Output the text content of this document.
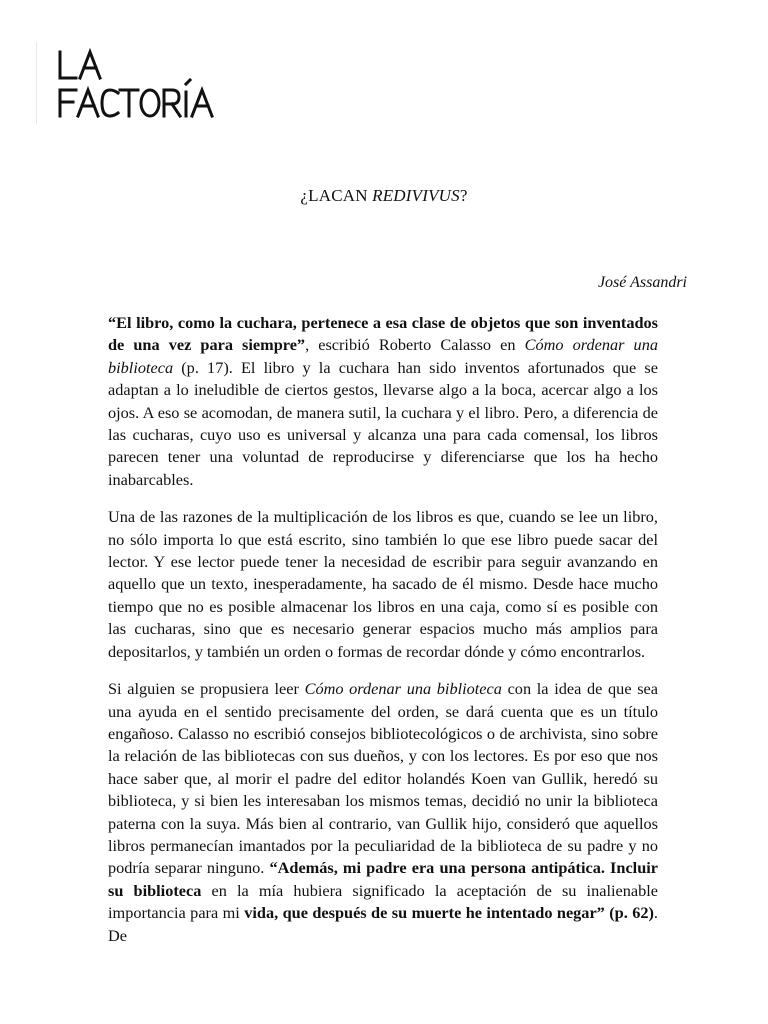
¿LACAN REDIVIVUS?
José Assandri

“El libro, como la cuchara, pertenece a esa clase de objetos que son inventados de una vez para siempre”, escribió Roberto Calasso en Cómo ordenar una biblioteca (p. 17). El libro y la cuchara han sido inventos afortunados que se adaptan a lo ineludible de ciertos gestos, llevarse algo a la boca, acercar algo a los ojos. A eso se acomodan, de manera sutil, la cuchara y el libro. Pero, a diferencia de las cucharas, cuyo uso es universal y alcanza una para cada comensal, los libros parecen tener una voluntad de reproducirse y diferenciarse que los ha hecho inabarcables.

Una de las razones de la multiplicación de los libros es que, cuando se lee un libro, no sólo importa lo que está escrito, sino también lo que ese libro puede sacar del lector. Y ese lector puede tener la necesidad de escribir para seguir avanzando en aquello que un texto, inesperadamente, ha sacado de él mismo. Desde hace mucho tiempo que no es posible almacenar los libros en una caja, como sí es posible con las cucharas, sino que es necesario generar espacios mucho más amplios para depositarlos, y también un orden o formas de recordar dónde y cómo encontrarlos.

Si alguien se propusiera leer Cómo ordenar una biblioteca con la idea de que sea una ayuda en el sentido precisamente del orden, se dará cuenta que es un título engañoso. Calasso no escribió consejos bibliotecológicos o de archivista, sino sobre la relación de las bibliotecas con sus dueños, y con los lectores. Es por eso que nos hace saber que, al morir el padre del editor holandés Koen van Gullik, heredó su biblioteca, y si bien les interesaban los mismos temas, decidió no unir la biblioteca paterna con la suya. Más bien al contrario, van Gullik hijo, consideró que aquellos libros permanecían imantados por la peculiaridad de la biblioteca de su padre y no podría separar ninguno. “Además, mi padre era una persona antipática. Incluir su biblioteca en la mía hubiera significado la aceptación de su inalienable importancia para mi vida, que después de su muerte he intentado negar” (p. 62). De
